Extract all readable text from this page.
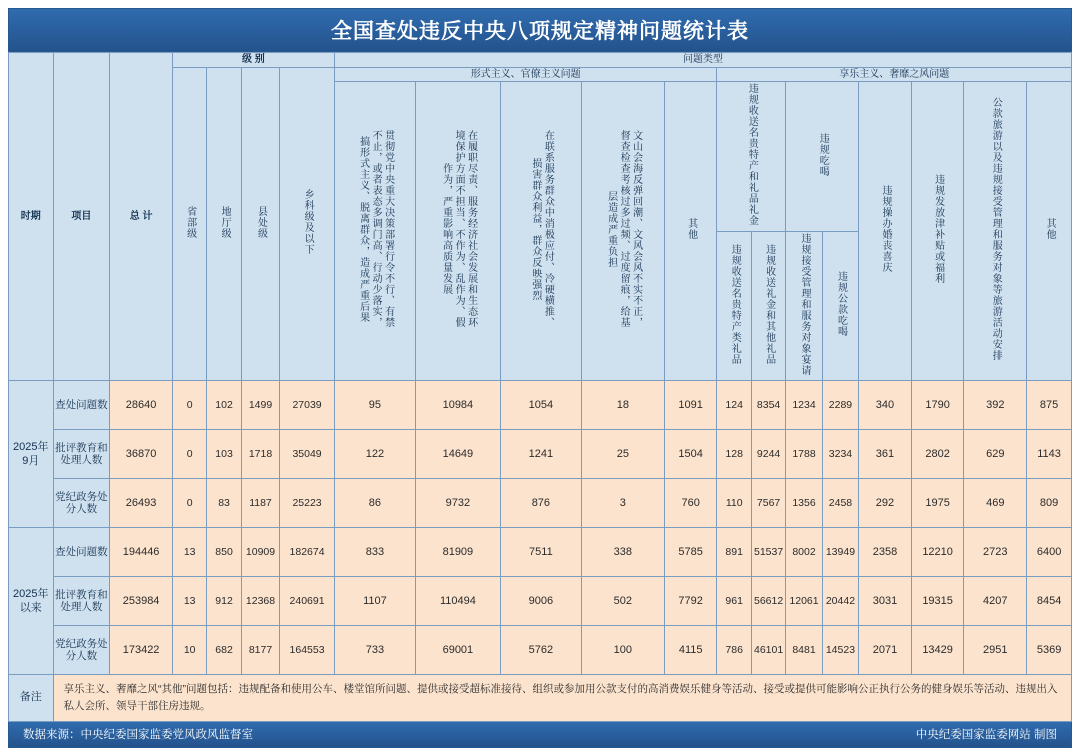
全国查处违反中央八项规定精神问题统计表
时期	项目	总 计	级 别				问题类型												
			省部级	地厅级	县处级	乡科级及以下	形式主义、官僚主义问题					享乐主义、奢靡之风问题							
							贯彻党中央重大决策部署行令不行、有禁不止，或者表态多调门高、行动少落实，搞形式主义、脱离群众，造成严重后果	在履职尽责、服务经济社会发展和生态环境保护方面不担当、不作为、乱作为、假作为，严重影响高质量发展	在联系服务群众中消极应付、冷硬横推、损害群众利益，群众反映强烈	文山会海反弹回潮、文风会风不实不正，督查检查考核过多过频、过度留痕，给基层造成严重负担	其他	违规收送名贵特产和礼品礼金		违规吃喝		违规操办婚丧喜庆	违规发放津补贴或福利	公款旅游以及违规接受管理和服务对象等旅游活动安排	其他
												违规收送名贵特产类礼品	违规收送礼金和其他礼品	违规接受管理和服务对象宴请	违规公款吃喝				
2025年9月	查处问题数	28640	0	102	1499	27039	95	10984	1054	18	1091	124	8354	1234	2289	340	1790	392	875
	批评教育和处理人数	36870	0	103	1718	35049	122	14649	1241	25	1504	128	9244	1788	3234	361	2802	629	1143
	党纪政务处分人数	26493	0	83	1187	25223	86	9732	876	3	760	110	7567	1356	2458	292	1975	469	809
2025年以来	查处问题数	194446	13	850	10909	182674	833	81909	7511	338	5785	891	51537	8002	13949	2358	12210	2723	6400
	批评教育和处理人数	253984	13	912	12368	240691	1107	110494	9006	502	7792	961	56612	12061	20442	3031	19315	4207	8454
	党纪政务处分人数	173422	10	682	8177	164553	733	69001	5762	100	4115	786	46101	8481	14523	2071	13429	2951	5369
备注	享乐主义、奢靡之风“其他”问题包括：违规配备和使用公车、楼堂馆所问题、提供或接受超标准接待、组织或参加用公款支付的高消费娱乐健身等活动、接受或提供可能影响公正执行公务的健身娱乐等活动、违规出入私人会所、领导干部住房违规。																		
数据来源：中央纪委国家监委党风政风监督室	中央纪委国家监委网站 制图
